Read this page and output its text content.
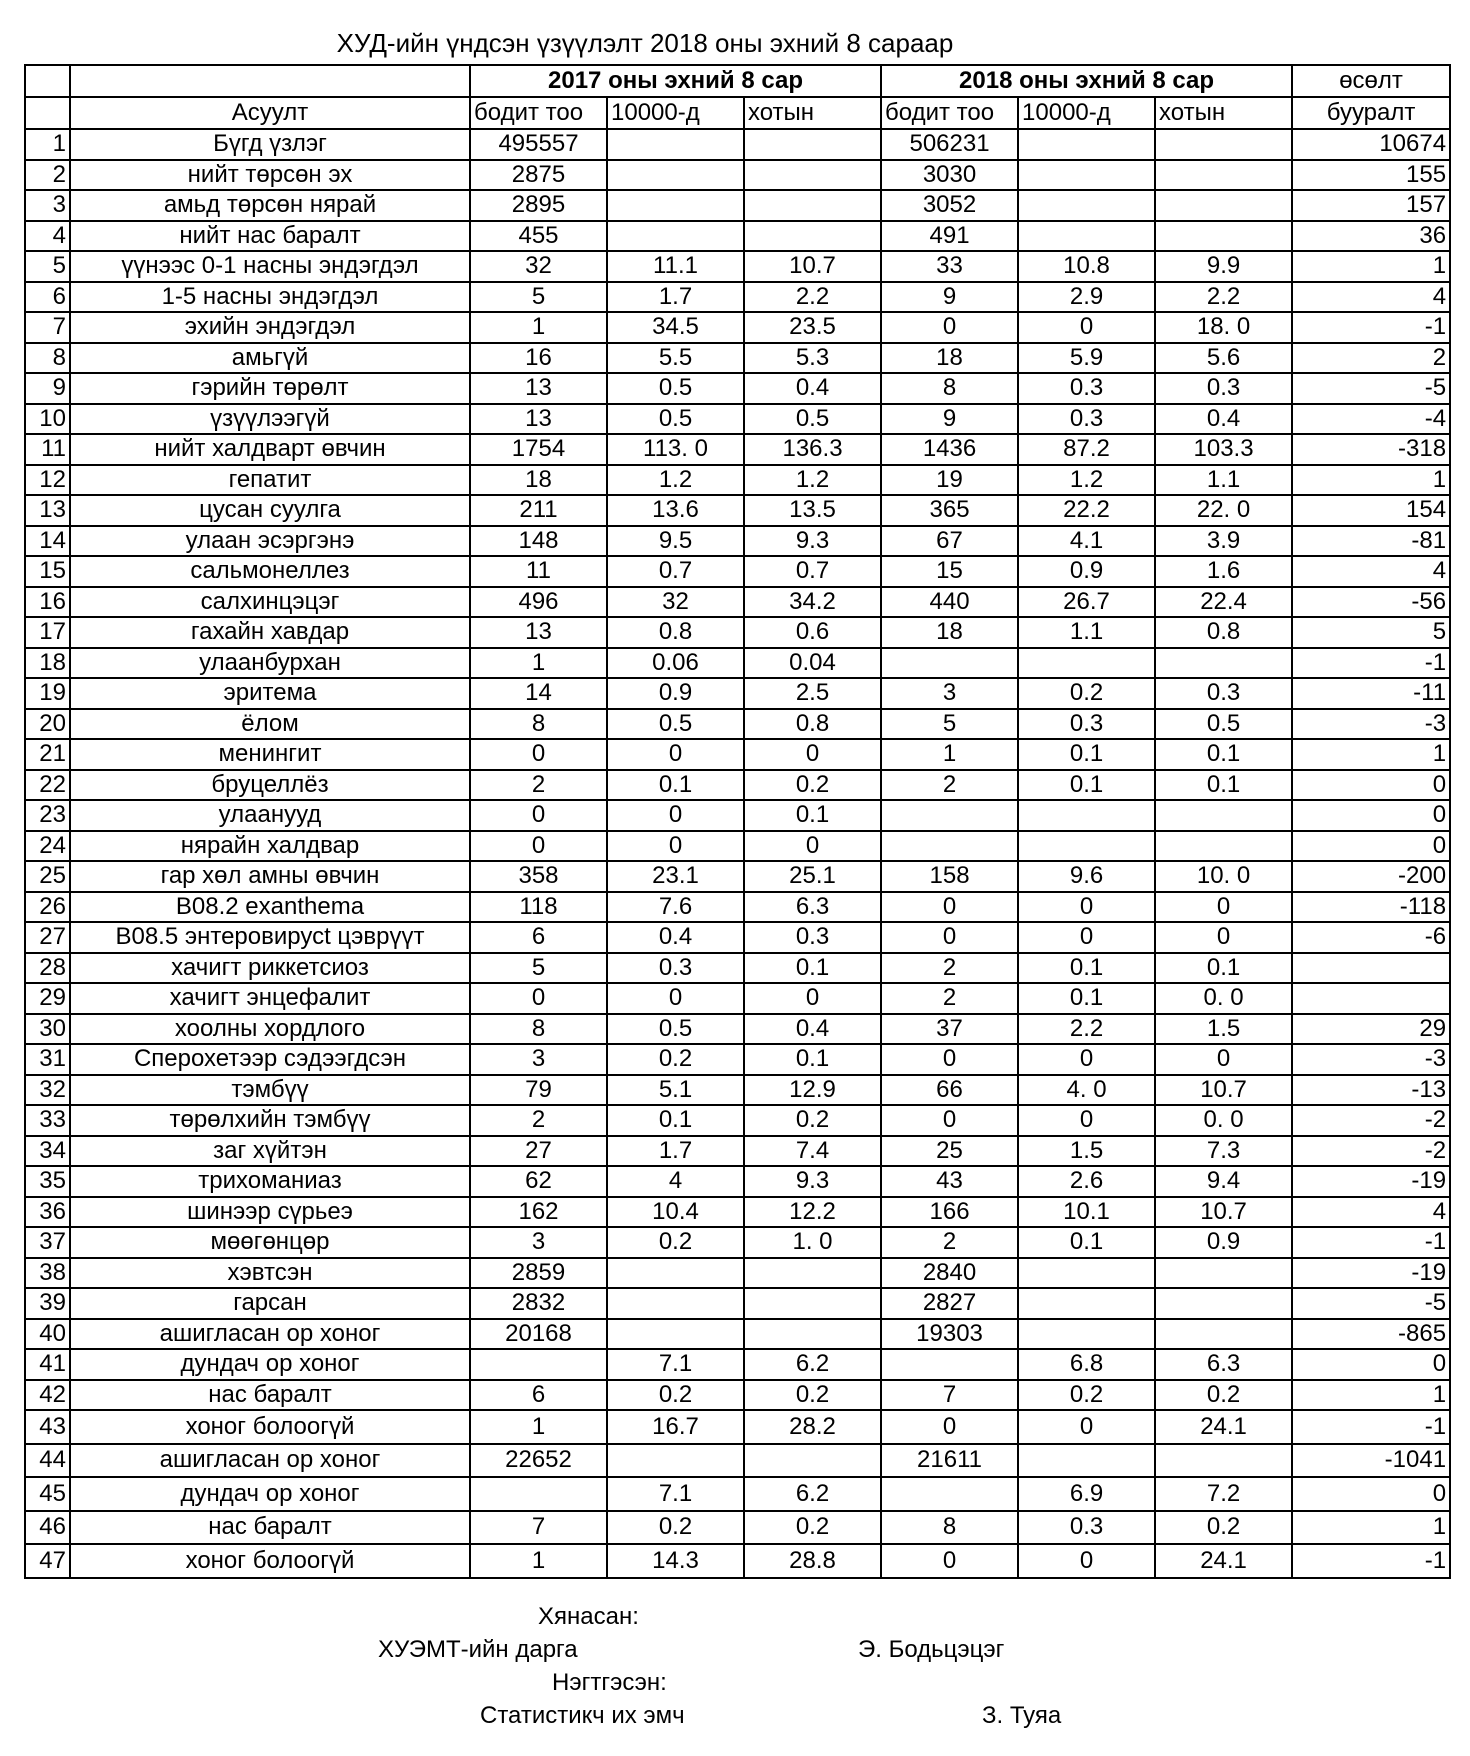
ХУД-ийн үндсэн үзүүлэлт 2018 оны эхний 8 сараар
		2017 оны эхний 8 сар			2018 оны эхний 8 сар			өсөлт
	Асуулт	бодит тоо	10000-д	хотын	бодит тоо	10000-д	хотын	бууралт
1	Бүгд үзлэг	495557			506231			10674
2	нийт төрсөн эх	2875			3030			155
3	амьд төрсөн нярай	2895			3052			157
4	нийт нас баралт	455			491			36
5	үүнээс 0-1 насны эндэгдэл	32	11.1	10.7	33	10.8	9.9	1
6	1-5 насны эндэгдэл	5	1.7	2.2	9	2.9	2.2	4
7	эхийн эндэгдэл	1	34.5	23.5	0	0	18. 0	-1
8	амьгүй	16	5.5	5.3	18	5.9	5.6	2
9	гэрийн төрөлт	13	0.5	0.4	8	0.3	0.3	-5
10	үзүүлээгүй	13	0.5	0.5	9	0.3	0.4	-4
11	нийт халдварт өвчин	1754	113. 0	136.3	1436	87.2	103.3	-318
12	гепатит	18	1.2	1.2	19	1.2	1.1	1
13	цусан суулга	211	13.6	13.5	365	22.2	22. 0	154
14	улаан эсэргэнэ	148	9.5	9.3	67	4.1	3.9	-81
15	сальмонеллез	11	0.7	0.7	15	0.9	1.6	4
16	салхинцэцэг	496	32	34.2	440	26.7	22.4	-56
17	гахайн хавдар	13	0.8	0.6	18	1.1	0.8	5
18	улаанбурхан	1	0.06	0.04				-1
19	эритема	14	0.9	2.5	3	0.2	0.3	-11
20	ёлом	8	0.5	0.8	5	0.3	0.5	-3
21	менингит	0	0	0	1	0.1	0.1	1
22	бруцеллёз	2	0.1	0.2	2	0.1	0.1	0
23	улаанууд	0	0	0.1				0
24	нярайн халдвар	0	0	0				0
25	гар хөл амны өвчин	358	23.1	25.1	158	9.6	10. 0	-200
26	B08.2 exanthema	118	7.6	6.3	0	0	0	-118
27	B08.5 энтеровирусt цэврүүт	6	0.4	0.3	0	0	0	-6
28	хачигт риккетсиоз	5	0.3	0.1	2	0.1	0.1	
29	хачигт энцефалит	0	0	0	2	0.1	0. 0	
30	хоолны хордлого	8	0.5	0.4	37	2.2	1.5	29
31	Сперохетээр сэдээгдсэн	3	0.2	0.1	0	0	0	-3
32	тэмбүү	79	5.1	12.9	66	4. 0	10.7	-13
33	төрөлхийн тэмбүү	2	0.1	0.2	0	0	0. 0	-2
34	заг хүйтэн	27	1.7	7.4	25	1.5	7.3	-2
35	трихоманиаз	62	4	9.3	43	2.6	9.4	-19
36	шинээр сүрьеэ	162	10.4	12.2	166	10.1	10.7	4
37	мөөгөнцөр	3	0.2	1. 0	2	0.1	0.9	-1
38	хэвтсэн	2859			2840			-19
39	гарсан	2832			2827			-5
40	ашигласан ор хоног	20168			19303			-865
41	дундач ор хоног		7.1	6.2		6.8	6.3	0
42	нас баралт	6	0.2	0.2	7	0.2	0.2	1
43	хоног болоогүй	1	16.7	28.2	0	0	24.1	-1
44	ашигласан ор хоног	22652			21611			-1041
45	дундач ор хоног		7.1	6.2		6.9	7.2	0
46	нас баралт	7	0.2	0.2	8	0.3	0.2	1
47	хоног болоогүй	1	14.3	28.8	0	0	24.1	-1
Хянасан:
ХУЭМТ-ийн дарга	Э. Бодьцэцэг
Нэгтгэсэн:
Статистикч их эмч	З. Туяа
